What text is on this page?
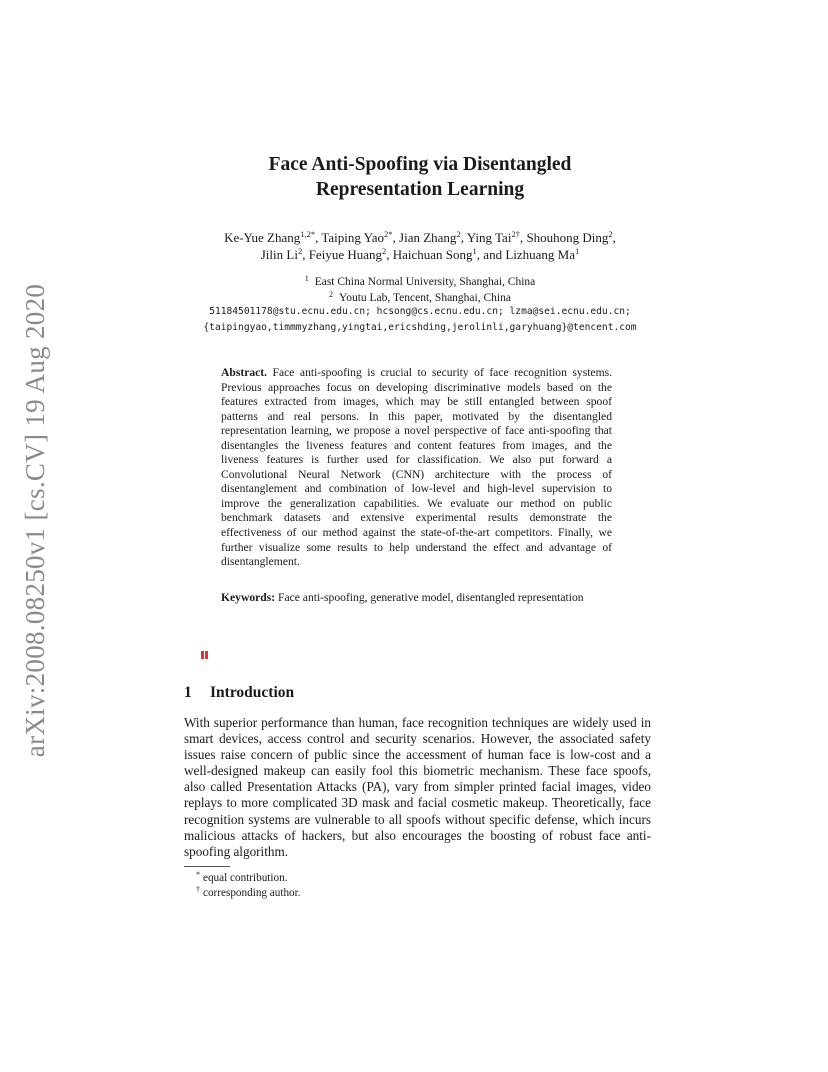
arXiv:2008.08250v1 [cs.CV] 19 Aug 2020
Face Anti-Spoofing via Disentangled
Representation Learning
Ke-Yue Zhang$^{1,2*}$, Taiping Yao$^{2*}$, Jian Zhang$^2$, Ying Tai$^{2\dagger}$, Shouhong Ding$^2$,
Jilin Li$^2$, Feiyue Huang$^2$, Haichuan Song$^1$, and Lizhuang Ma$^1$
$^1$ East China Normal University, Shanghai, China
$^2$ Youtu Lab, Tencent, Shanghai, China
51184501178@stu.ecnu.edu.cn; hcsong@cs.ecnu.edu.cn; lzma@sei.ecnu.edu.cn;
{taipingyao,timmmyzhang,yingtai,ericshding,jerolinli,garyhuang}@tencent.com

Abstract. Face anti-spoofing is crucial to security of face recognition systems. Previous approaches focus on developing discriminative models based on the features extracted from images, which may be still entangled between spoof patterns and real persons. In this paper, motivated by the disentangled representation learning, we propose a novel perspective of face anti-spoofing that disentangles the liveness features and content features from images, and the liveness features is further used for classification. We also put forward a Convolutional Neural Network (CNN) architecture with the process of disentanglement and combination of low-level and high-level supervision to improve the generalization capabilities. We evaluate our method on public benchmark datasets and extensive experimental results demonstrate the effectiveness of our method against the state-of-the-art competitors. Finally, we further visualize some results to help understand the effect and advantage of disentanglement.

Keywords: Face anti-spoofing, generative model, disentangled representation
1 Introduction

With superior performance than human, face recognition techniques are widely used in smart devices, access control and security scenarios. However, the associated safety issues raise concern of public since the accessment of human face is low-cost and a well-designed makeup can easily fool this biometric mechanism. These face spoofs, also called Presentation Attacks (PA), vary from simpler printed facial images, video replays to more complicated 3D mask and facial cosmetic makeup. Theoretically, face recognition systems are vulnerable to all spoofs without specific defense, which incurs malicious attacks of hackers, but also encourages the boosting of robust face anti-spoofing algorithm.

* equal contribution.
† corresponding author.
